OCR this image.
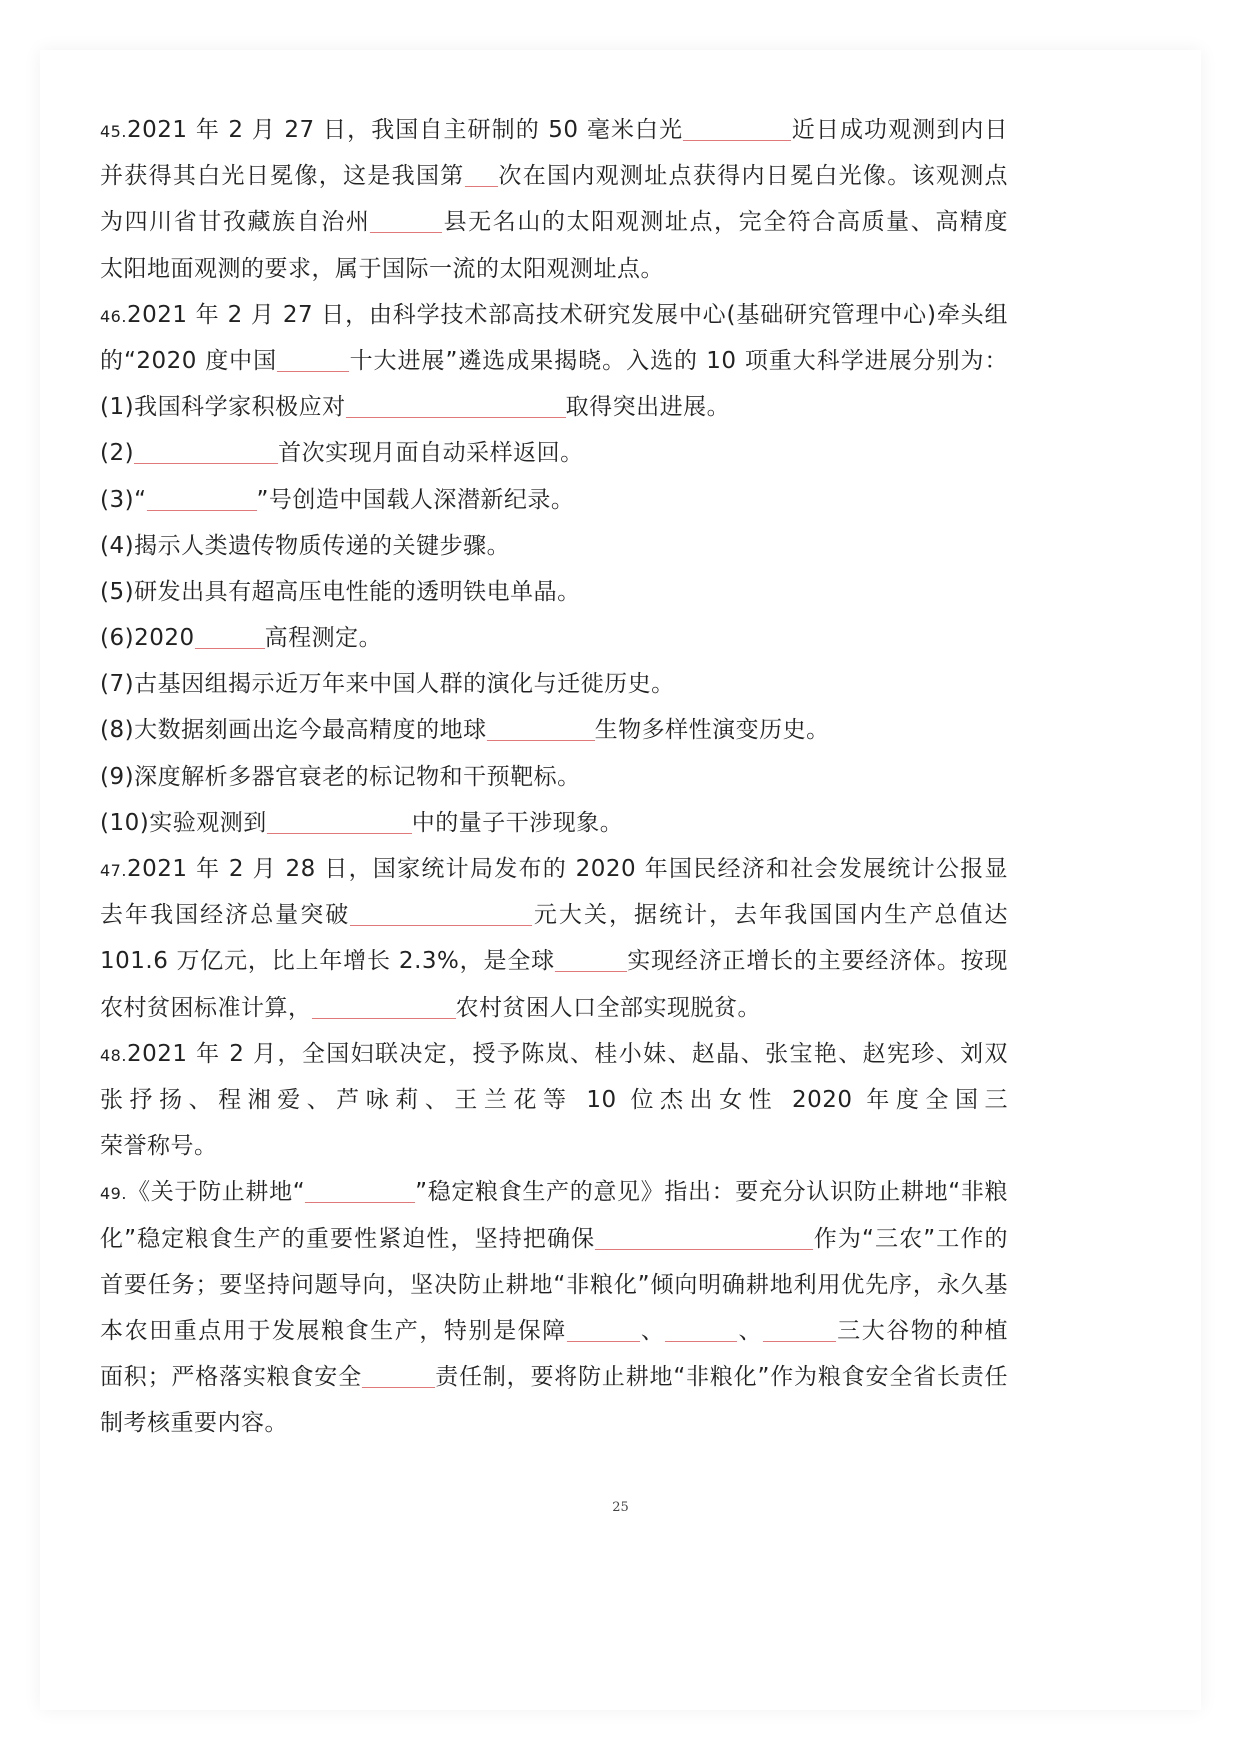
45.2021 年 2 月 27 日，我国自主研制的 50 毫米白光	近日成功观测到内日
并获得其白光日冕像，这是我国第 次在国内观测址点获得内日冕白光像。该观测点
为四川省甘孜藏族自治州	县无名山的太阳观测址点，完全符合高质量、高精度
太阳地面观测的要求，属于国际一流的太阳观测址点。
46.2021 年 2 月 27 日，由科学技术部高技术研究发展中心(基础研究管理中心)牵头组
的“2020 度中国	十大进展”遴选成果揭晓。入选的 10 项重大科学进展分别为：
(1)我国科学家积极应对	取得突出进展。
(2)	首次实现月面自动采样返回。
(3)“	”号创造中国载人深潜新纪录。
(4)揭示人类遗传物质传递的关键步骤。
(5)研发出具有超高压电性能的透明铁电单晶。
(6)2020	高程测定。
(7)古基因组揭示近万年来中国人群的演化与迁徙历史。
(8)大数据刻画出迄今最高精度的地球	生物多样性演变历史。
(9)深度解析多器官衰老的标记物和干预靶标。
(10)实验观测到	中的量子干涉现象。
47.2021 年 2 月 28 日，国家统计局发布的 2020 年国民经济和社会发展统计公报显
去年我国经济总量突破	元大关，据统计，去年我国国内生产总值达
101.6 万亿元，比上年增长 2.3%，是全球	实现经济正增长的主要经济体。按现
农村贫困标准计算，	农村贫困人口全部实现脱贫。
48.2021 年 2 月，全国妇联决定，授予陈岚、桂小妹、赵晶、张宝艳、赵宪珍、刘双
张抒扬、程湘爱、芦咏莉、王兰花等 10 位杰出女性 2020 年度全国三
荣誉称号。
49.《关于防止耕地“	”稳定粮食生产的意见》指出：要充分认识防止耕地“非粮
化”稳定粮食生产的重要性紧迫性，坚持把确保	作为“三农”工作的
首要任务；要坚持问题导向，坚决防止耕地“非粮化”倾向明确耕地利用优先序，永久基
本农田重点用于发展粮食生产，特别是保障	、	、	三大谷物的种植
面积；严格落实粮食安全	责任制，要将防止耕地“非粮化”作为粮食安全省长责任
制考核重要内容。
25
